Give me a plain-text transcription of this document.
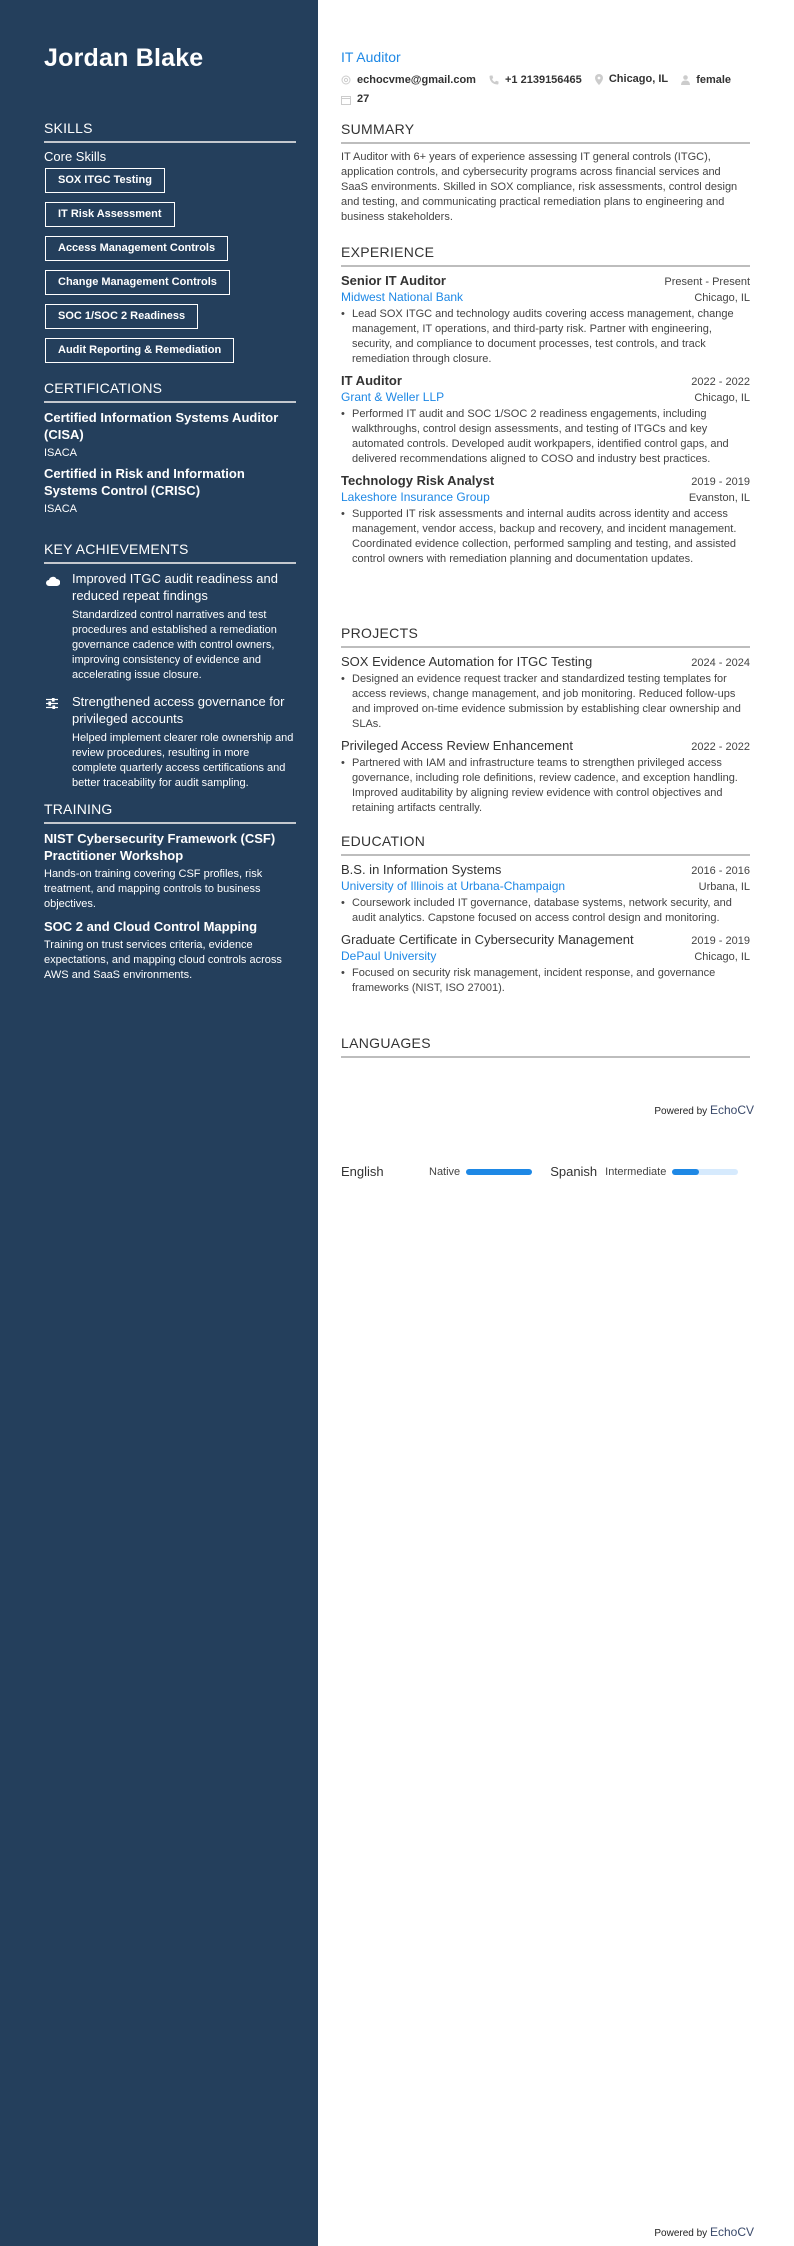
Jordan Blake
SKILLS
Core Skills
SOX ITGC Testing
IT Risk Assessment
Access Management Controls
Change Management Controls
SOC 1/SOC 2 Readiness
Audit Reporting & Remediation
CERTIFICATIONS
Certified Information Systems Auditor (CISA)
ISACA
Certified in Risk and Information Systems Control (CRISC)
ISACA
KEY ACHIEVEMENTS
Improved ITGC audit readiness and reduced repeat findings
Standardized control narratives and test procedures and established a remediation governance cadence with control owners, improving consistency of evidence and accelerating issue closure.
Strengthened access governance for privileged accounts
Helped implement clearer role ownership and review procedures, resulting in more complete quarterly access certifications and better traceability for audit sampling.
TRAINING
NIST Cybersecurity Framework (CSF) Practitioner Workshop
Hands-on training covering CSF profiles, risk treatment, and mapping controls to business objectives.
SOC 2 and Cloud Control Mapping
Training on trust services criteria, evidence expectations, and mapping cloud controls across AWS and SaaS environments.
IT Auditor
echocvme@gmail.com
	+1 2139156465
Chicago, IL
	female

27
SUMMARY
IT Auditor with 6+ years of experience assessing IT general controls (ITGC), application controls, and cybersecurity programs across financial services and SaaS environments. Skilled in SOX compliance, risk assessments, control design and testing, and communicating practical remediation plans to engineering and business stakeholders.
EXPERIENCE
Senior IT Auditor	Present - Present
Midwest National Bank	Chicago, IL
• Lead SOX ITGC and technology audits covering access management, change management, IT operations, and third-party risk. Partner with engineering, security, and compliance to document processes, test controls, and track remediation through closure.
IT Auditor	2022 - 2022
Grant & Weller LLP	Chicago, IL
• Performed IT audit and SOC 1/SOC 2 readiness engagements, including walkthroughs, control design assessments, and testing of ITGCs and key automated controls. Developed audit workpapers, identified control gaps, and delivered recommendations aligned to COSO and industry best practices.
Technology Risk Analyst	2019 - 2019
Lakeshore Insurance Group	Evanston, IL
• Supported IT risk assessments and internal audits across identity and access management, vendor access, backup and recovery, and incident management. Coordinated evidence collection, performed sampling and testing, and assisted control owners with remediation planning and documentation updates.
PROJECTS
SOX Evidence Automation for ITGC Testing	2024 - 2024
• Designed an evidence request tracker and standardized testing templates for access reviews, change management, and job monitoring. Reduced follow-ups and improved on-time evidence submission by establishing clear ownership and SLAs.
Privileged Access Review Enhancement	2022 - 2022
• Partnered with IAM and infrastructure teams to strengthen privileged access governance, including role definitions, review cadence, and exception handling. Improved auditability by aligning review evidence with control objectives and retaining artifacts centrally.
EDUCATION
B.S. in Information Systems	2016 - 2016
University of Illinois at Urbana-Champaign	Urbana, IL
• Coursework included IT governance, database systems, network security, and audit analytics. Capstone focused on access control design and monitoring.
Graduate Certificate in Cybersecurity Management	2019 - 2019
DePaul University	Chicago, IL
• Focused on security risk management, incident response, and governance frameworks (NIST, ISO 27001).
LANGUAGES
Powered by EchoCV
English	Native	Spanish Intermediate
Powered by EchoCV
